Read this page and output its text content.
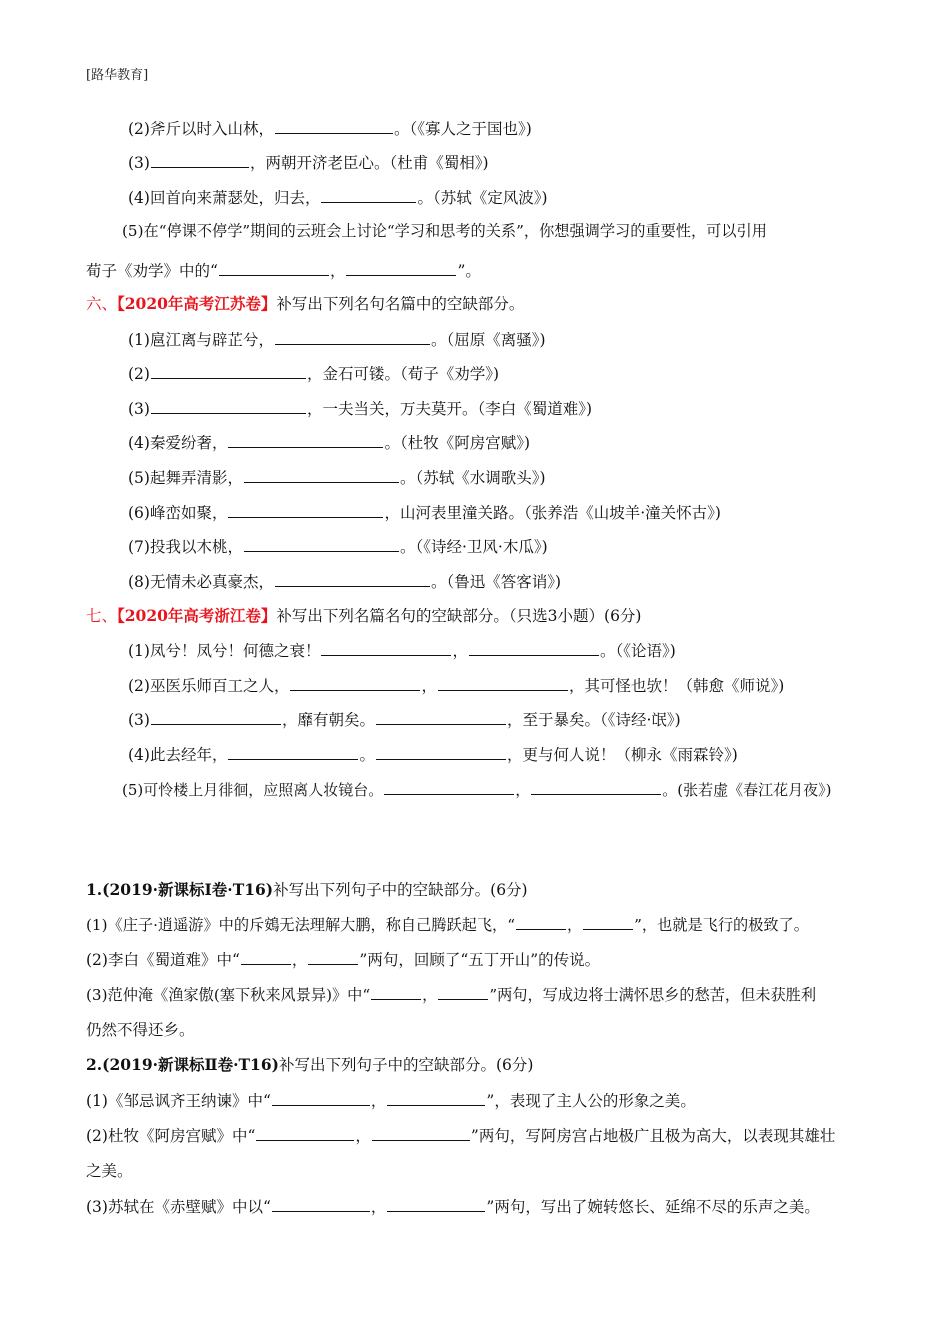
[路华教育]
(2)斧斤以时入山林，	。（《寡人之于国也》)
(3)	，两朝开济老臣心。（杜甫《蜀相》)
(4)回首向来萧瑟处，归去，	。（苏轼《定风波》)
(5)在“停课不停学”期间的云班会上讨论“学习和思考的关系”，你想强调学习的重要性，可以引用
荀子《劝学》中的“	，	”。
六、【2020年高考江苏卷】补写出下列名句名篇中的空缺部分。
(1)扈江离与辟芷兮，	。（屈原《离骚》)
(2)	，金石可镂。（荀子《劝学》)
(3)	，一夫当关，万夫莫开。（李白《蜀道难》)
(4)秦爱纷奢，	。（杜牧《阿房宫赋》)
(5)起舞弄清影，	。（苏轼《水调歌头》)
(6)峰峦如聚，	，山河表里潼关路。（张养浩《山坡羊·潼关怀古》)
(7)投我以木桃，	。（《诗经·卫风·木瓜》)
(8)无情未必真豪杰，	。（鲁迅《答客诮》)
七、【2020年高考浙江卷】补写出下列名篇名句的空缺部分。（只选3小题）(6分)
(1)凤兮！凤兮！何德之衰！	，	。（《论语》)
(2)巫医乐师百工之人，	，	，其可怪也欤！（韩愈《师说》)
(3)	，靡有朝矣。	，至于暴矣。（《诗经·氓》)
(4)此去经年，	。	，更与何人说！（柳永《雨霖铃》)
(5)可怜楼上月徘徊，应照离人妆镜台。	，	。(张若虚《春江花月夜》)
1.(2019·新课标Ⅰ卷·T16)补写出下列句子中的空缺部分。(6分)
(1)《庄子·逍遥游》中的斥鴳无法理解大鹏，称自己腾跃起飞，“	，	”，也就是飞行的极致了。
(2)李白《蜀道难》中“	，	”两句，回顾了“五丁开山”的传说。
(3)范仲淹《渔家傲(塞下秋来风景异)》中“	，	”两句，写成边将士满怀思乡的愁苦，但未获胜利
仍然不得还乡。
2.(2019·新课标Ⅱ卷·T16)补写出下列句子中的空缺部分。(6分)
(1)《邹忌讽齐王纳谏》中“	，	”，表现了主人公的形象之美。
(2)杜牧《阿房宫赋》中“	，	”两句，写阿房宫占地极广且极为高大，以表现其雄壮
之美。
(3)苏轼在《赤壁赋》中以“	，	”两句，写出了婉转悠长、延绵不尽的乐声之美。
